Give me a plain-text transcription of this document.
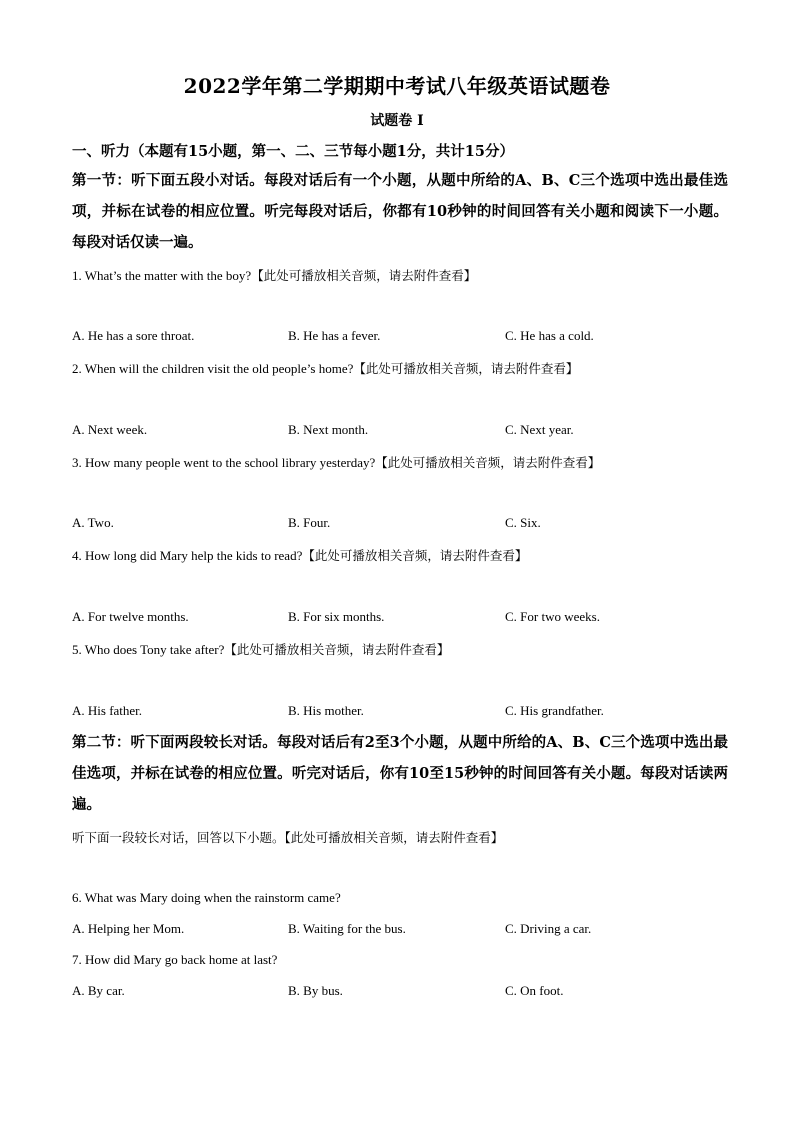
2022学年第二学期期中考试八年级英语试题卷
试题卷 I
一、听力（本题有15小题，第一、二、三节每小题1分，共计15分）
第一节：听下面五段小对话。每段对话后有一个小题，从题中所给的A、B、C三个选项中选出最佳选项，并标在试卷的相应位置。听完每段对话后，你都有10秒钟的时间回答有关小题和阅读下一小题。每段对话仅读一遍。
1. What’s the matter with the boy?【此处可播放相关音频，请去附件查看】
A. He has a sore throat.	B. He has a fever.	C. He has a cold.
2. When will the children visit the old people’s home?【此处可播放相关音频，请去附件查看】
A. Next week.	B. Next month.	C. Next year.
3. How many people went to the school library yesterday?【此处可播放相关音频，请去附件查看】
A. Two.	B. Four.	C. Six.
4. How long did Mary help the kids to read?【此处可播放相关音频，请去附件查看】
A. For twelve months.	B. For six months.	C. For two weeks.
5. Who does Tony take after?【此处可播放相关音频，请去附件查看】
A. His father.	B. His mother.	C. His grandfather.
第二节：听下面两段较长对话。每段对话后有2至3个小题，从题中所给的A、B、C三个选项中选出最佳选项，并标在试卷的相应位置。听完对话后，你有10至15秒钟的时间回答有关小题。每段对话读两遍。
听下面一段较长对话，回答以下小题。【此处可播放相关音频，请去附件查看】
6. What was Mary doing when the rainstorm came?
A. Helping her Mom.	B. Waiting for the bus.	C. Driving a car.
7. How did Mary go back home at last?
A. By car.	B. By bus.	C. On foot.
